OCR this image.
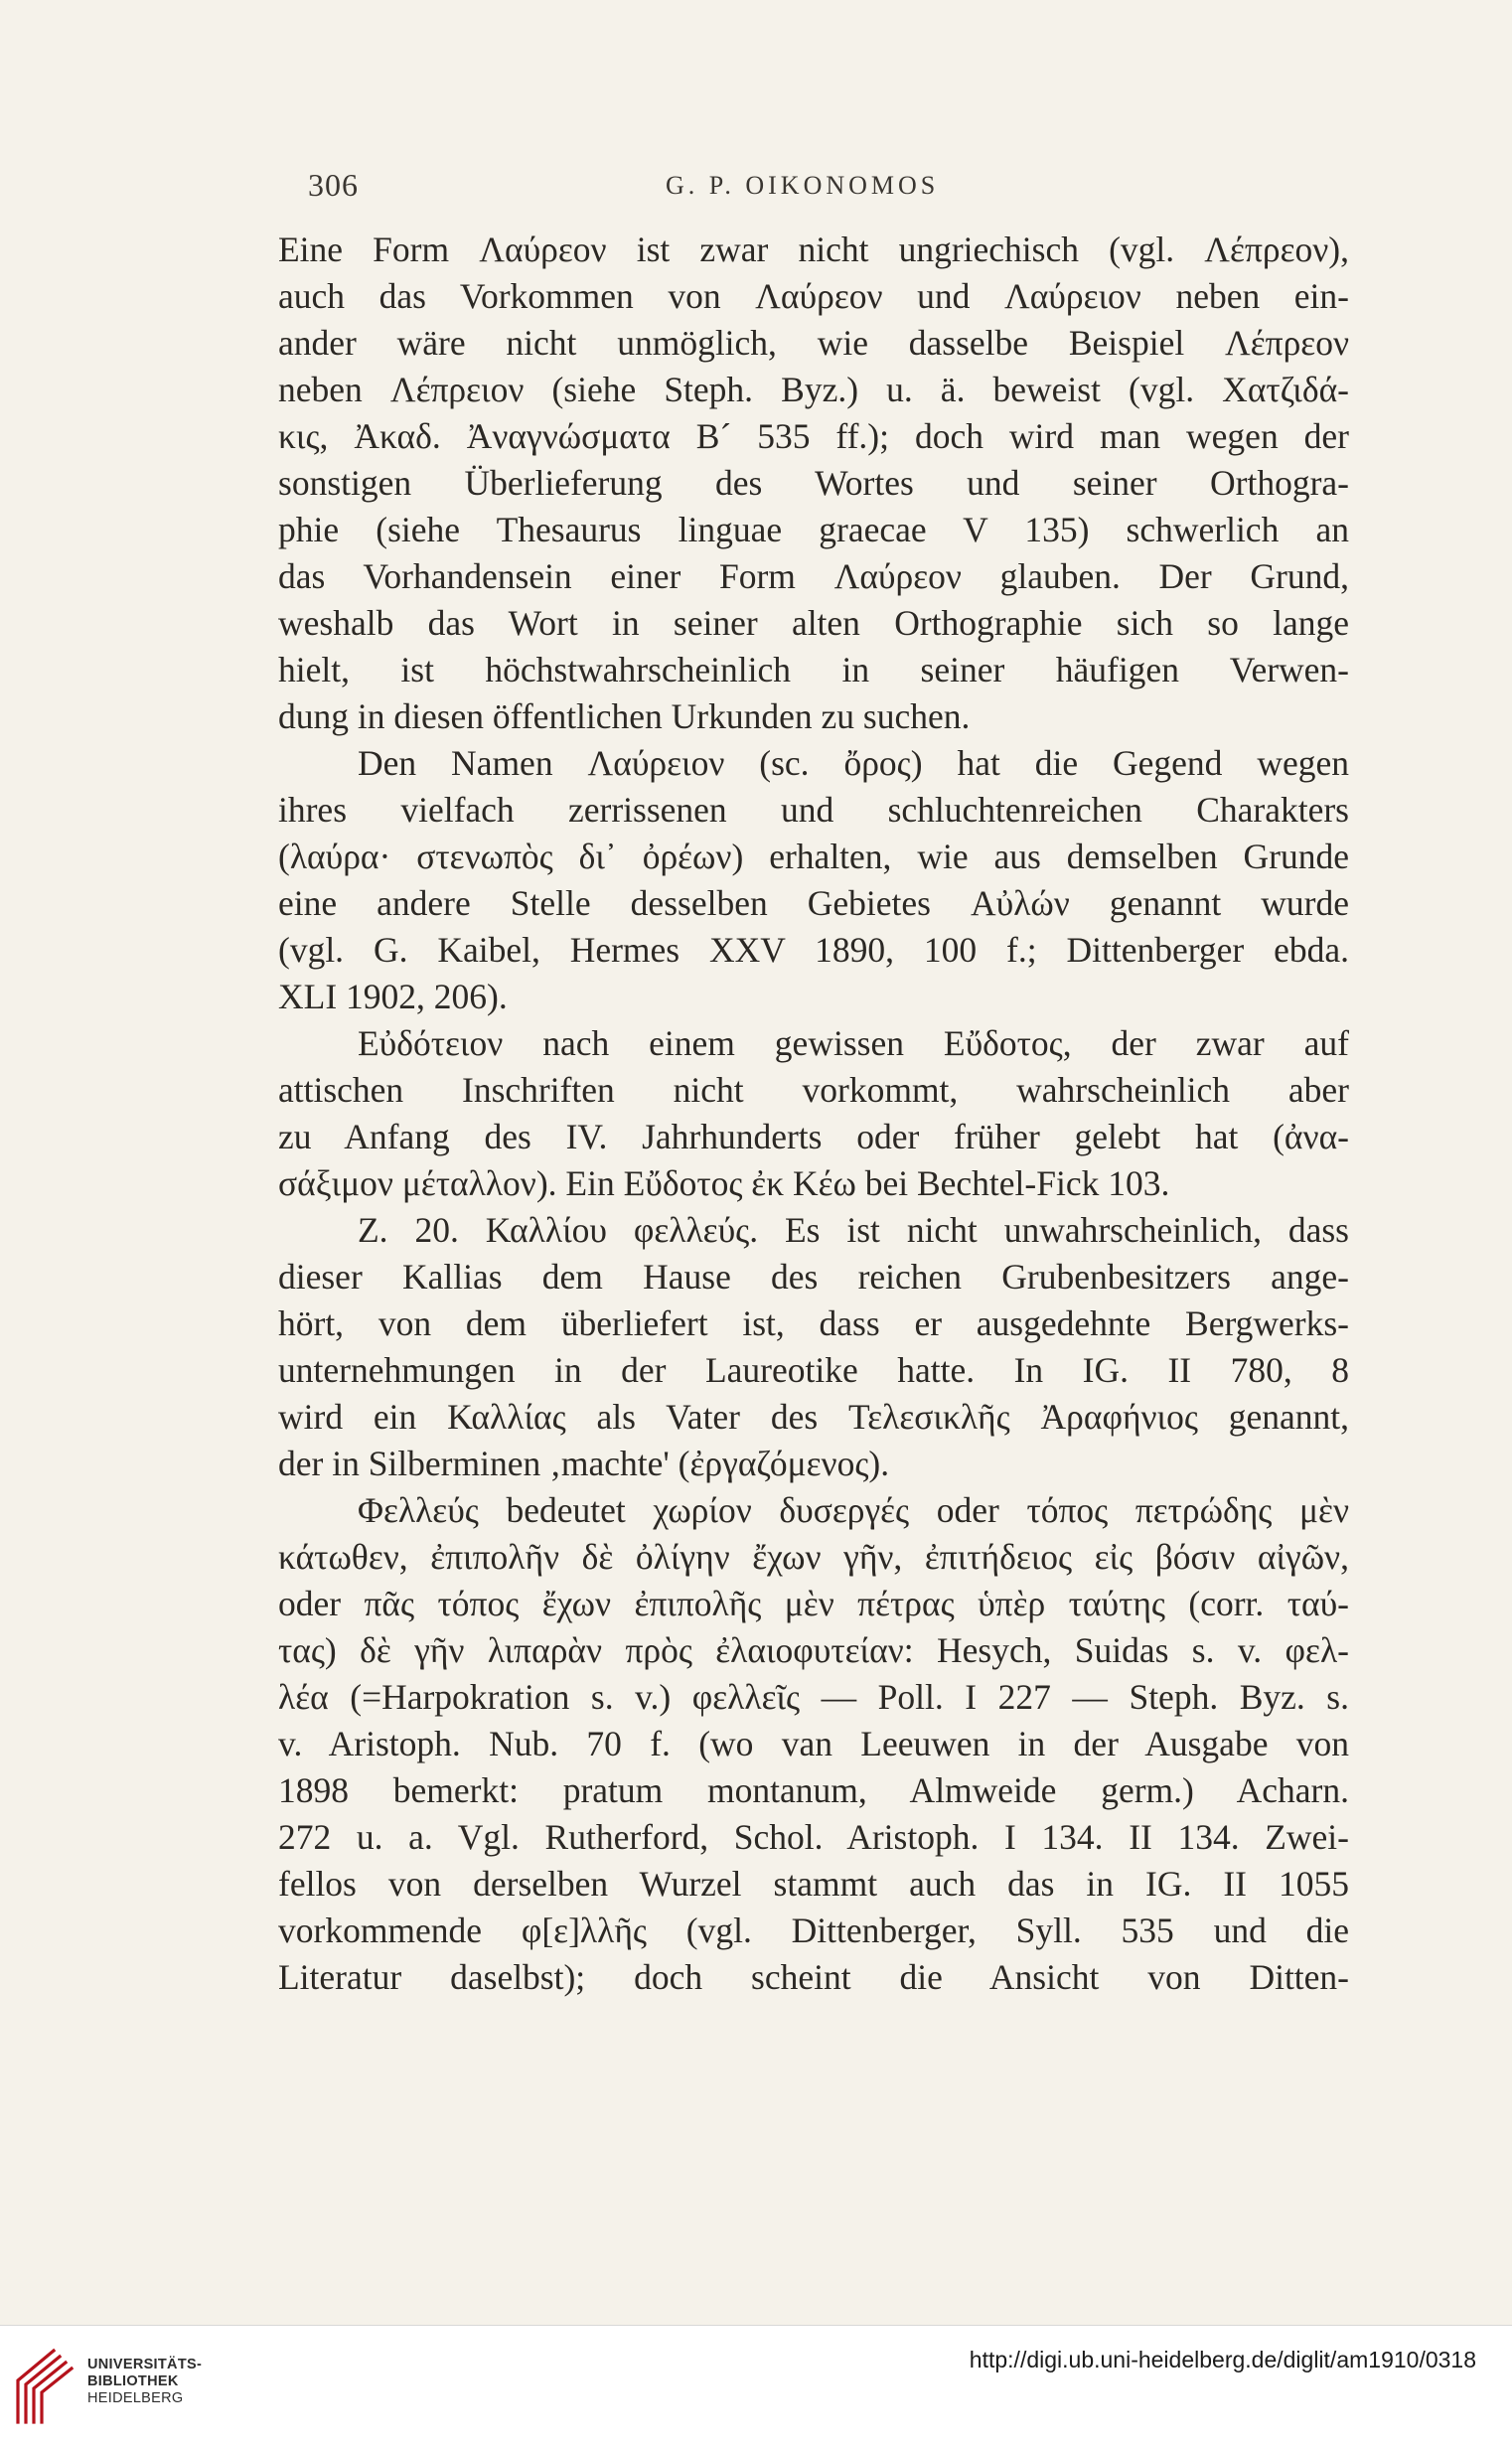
306	G. P. OIKONOMOS
Eine Form Λαύρεον ist zwar nicht ungriechisch (vgl. Λέπρεον),
auch das Vorkommen von Λαύρεον und Λαύρειον neben ein-
ander wäre nicht unmöglich, wie dasselbe Beispiel Λέπρεον
neben Λέπρειον (siehe Steph. Byz.) u. ä. beweist (vgl. Χατζιδά-
κις, Ἀκαδ. Ἀναγνώσματα Β´ 535 ff.); doch wird man wegen der
sonstigen Überlieferung des Wortes und seiner Orthogra-
phie (siehe Thesaurus linguae graecae V 135) schwerlich an
das Vorhandensein einer Form Λαύρεον glauben. Der Grund,
weshalb das Wort in seiner alten Orthographie sich so lange
hielt, ist höchstwahrscheinlich in seiner häufigen Verwen-
dung in diesen öffentlichen Urkunden zu suchen.
Den Namen Λαύρειον (sc. ὄρος) hat die Gegend wegen
ihres vielfach zerrissenen und schluchtenreichen Charakters
(λαύρα· στενωπὸς δι᾽ ὀρέων) erhalten, wie aus demselben Grunde
eine andere Stelle desselben Gebietes Αὐλών genannt wurde
(vgl. G. Kaibel, Hermes XXV 1890, 100 f.; Dittenberger ebda.
XLI 1902, 206).
Εὐδότειον nach einem gewissen Εὔδοτος, der zwar auf
attischen Inschriften nicht vorkommt, wahrscheinlich aber
zu Anfang des IV. Jahrhunderts oder früher gelebt hat (ἀνα-
σάξιμον μέταλλον). Ein Εὔδοτος ἐκ Κέω bei Bechtel-Fick 103.
Z. 20. Καλλίου φελλεύς. Es ist nicht unwahrscheinlich, dass
dieser Kallias dem Hause des reichen Grubenbesitzers ange-
hört, von dem überliefert ist, dass er ausgedehnte Bergwerks-
unternehmungen in der Laureotike hatte. In IG. II 780, 8
wird ein Καλλίας als Vater des Τελεσικλῆς Ἀραφήνιος genannt,
der in Silberminen ‚machte' (ἐργαζόμενος).
Φελλεύς bedeutet χωρίον δυσεργές oder τόπος πετρώδης μὲν
κάτωθεν, ἐπιπολῆν δὲ ὀλίγην ἔχων γῆν, ἐπιτήδειος εἰς βόσιν αἰγῶν,
oder πᾶς τόπος ἔχων ἐπιπολῆς μὲν πέτρας ὑπὲρ ταύτης (corr. ταύ-
τας) δὲ γῆν λιπαρὰν πρὸς ἐλαιοφυτείαν: Hesych, Suidas s. v. φελ-
λέα (=Harpokration s. v.) φελλεῖς — Poll. I 227 — Steph. Byz. s.
v. Aristoph. Nub. 70 f. (wo van Leeuwen in der Ausgabe von
1898 bemerkt: pratum montanum, Almweide germ.) Acharn.
272 u. a. Vgl. Rutherford, Schol. Aristoph. I 134. II 134. Zwei-
fellos von derselben Wurzel stammt auch das in IG. II 1055
vorkommende φ[ε]λλῆς (vgl. Dittenberger, Syll. 535 und die
Literatur daselbst); doch scheint die Ansicht von Ditten-
UNIVERSITÄTS-
BIBLIOTHEK
HEIDELBERG
http://digi.ub.uni-heidelberg.de/diglit/am1910/0318
